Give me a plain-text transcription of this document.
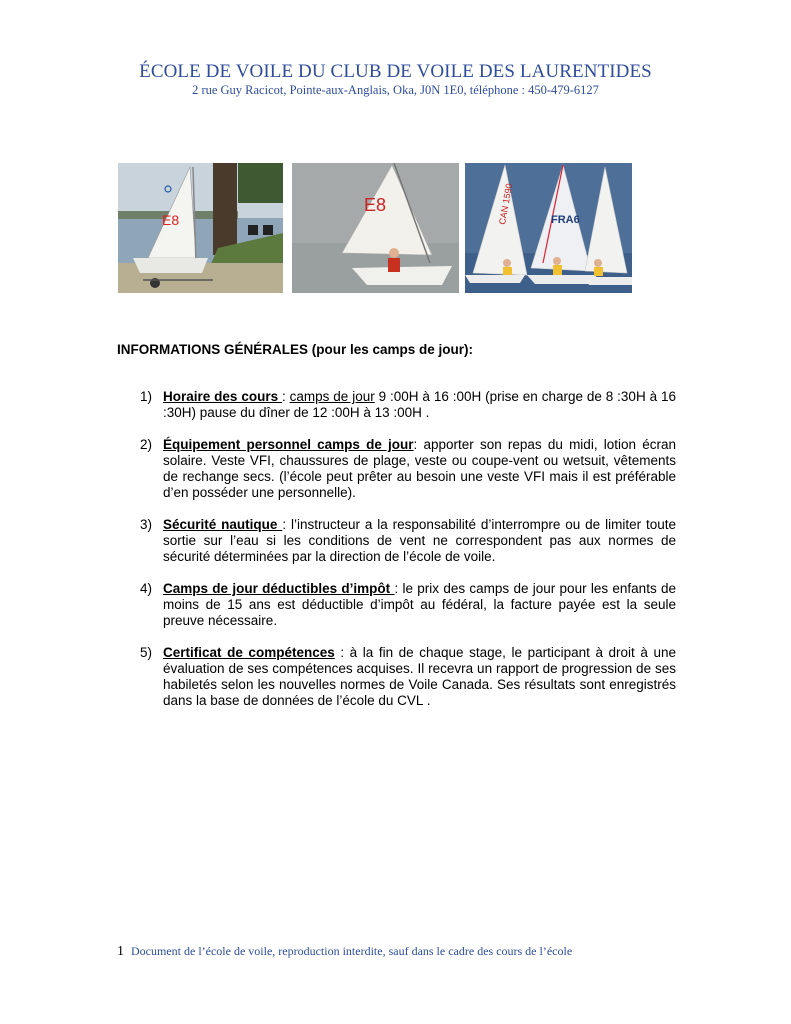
ÉCOLE DE VOILE DU CLUB DE VOILE DES LAURENTIDES
2 rue Guy Racicot, Pointe-aux-Anglais, Oka, J0N 1E0, téléphone : 450-479-6127
E8
E8	CAN 1590	FRA6
INFORMATIONS GÉNÉRALES (pour les camps de jour):
1) Horaire des cours : camps de jour 9 :00H à 16 :00H (prise en charge de 8 :30H à 16 :30H) pause du dîner de 12 :00H à 13 :00H .
2) Équipement personnel camps de jour: apporter son repas du midi, lotion écran solaire. Veste VFI, chaussures de plage, veste ou coupe-vent ou wetsuit, vêtements de rechange secs. (l’école peut prêter au besoin une veste VFI mais il est préférable d’en posséder une personnelle).
3) Sécurité nautique : l’instructeur a la responsabilité d’interrompre ou de limiter toute sortie sur l’eau si les conditions de vent ne correspondent pas aux normes de sécurité déterminées par la direction de l’école de voile.
4) Camps de jour déductibles d’impôt : le prix des camps de jour pour les enfants de moins de 15 ans est déductible d’impôt au fédéral, la facture payée est la seule preuve nécessaire.
5) Certificat de compétences : à la fin de chaque stage, le participant à droit à une évaluation de ses compétences acquises. Il recevra un rapport de progression de ses habiletés selon les nouvelles normes de Voile Canada. Ses résultats sont enregistrés dans la base de données de l’école du CVL .
1 Document de l’école de voile, reproduction interdite, sauf dans le cadre des cours de l’école
